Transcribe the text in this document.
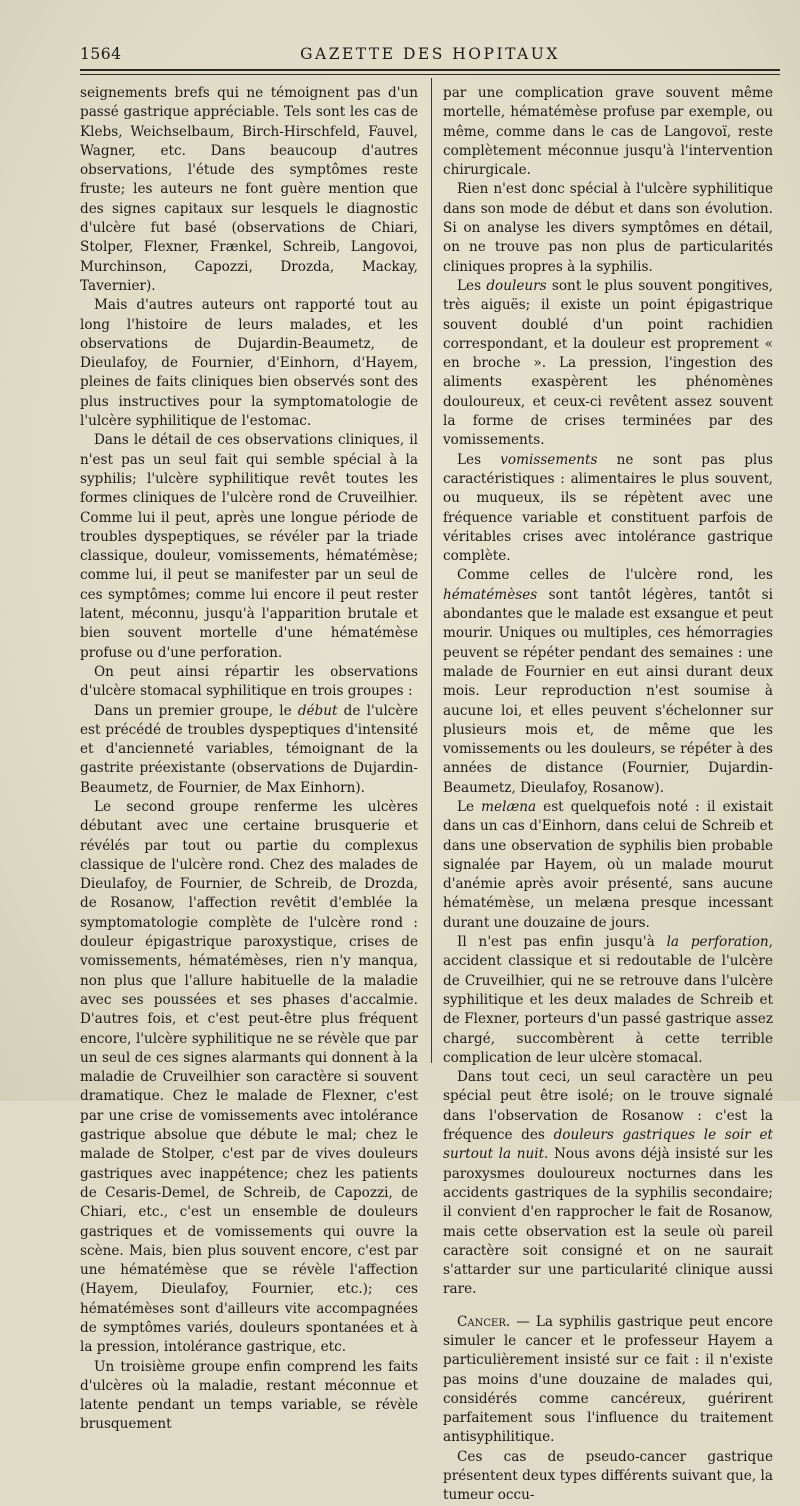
1564	GAZETTE DES HOPITAUX

seignements brefs qui ne témoignent pas d'un passé gastrique appréciable. Tels sont les cas de Klebs, Weichselbaum, Birch-Hirschfeld, Fauvel, Wagner, etc. Dans beaucoup d'autres observations, l'étude des symptômes reste fruste; les auteurs ne font guère mention que des signes capitaux sur lesquels le diagnostic d'ulcère fut basé (observations de Chiari, Stolper, Flexner, Frænkel, Schreib, Langovoi, Murchinson, Capozzi, Drozda, Mackay, Tavernier).

Mais d'autres auteurs ont rapporté tout au long l'histoire de leurs malades, et les observations de Dujardin-Beaumetz, de Dieulafoy, de Fournier, d'Einhorn, d'Hayem, pleines de faits cliniques bien observés sont des plus instructives pour la symptomatologie de l'ulcère syphilitique de l'estomac.

Dans le détail de ces observations cliniques, il n'est pas un seul fait qui semble spécial à la syphilis; l'ulcère syphilitique revêt toutes les formes cliniques de l'ulcère rond de Cruveilhier. Comme lui il peut, après une longue période de troubles dyspeptiques, se révéler par la triade classique, douleur, vomissements, hématémèse; comme lui, il peut se manifester par un seul de ces symptômes; comme lui encore il peut rester latent, méconnu, jusqu'à l'apparition brutale et bien souvent mortelle d'une hématémèse profuse ou d'une perforation.

On peut ainsi répartir les observations d'ulcère stomacal syphilitique en trois groupes :

Dans un premier groupe, le début de l'ulcère est précédé de troubles dyspeptiques d'intensité et d'ancienneté variables, témoignant de la gastrite préexistante (observations de Dujardin-Beaumetz, de Fournier, de Max Einhorn).

Le second groupe renferme les ulcères débutant avec une certaine brusquerie et révélés par tout ou partie du complexus classique de l'ulcère rond. Chez des malades de Dieulafoy, de Fournier, de Schreib, de Drozda, de Rosanow, l'affection revêtit d'emblée la symptomatologie complète de l'ulcère rond : douleur épigastrique paroxystique, crises de vomissements, hématémèses, rien n'y manqua, non plus que l'allure habituelle de la maladie avec ses poussées et ses phases d'accalmie. D'autres fois, et c'est peut-être plus fréquent encore, l'ulcère syphilitique ne se révèle que par un seul de ces signes alarmants qui donnent à la maladie de Cruveilhier son caractère si souvent dramatique. Chez le malade de Flexner, c'est par une crise de vomissements avec intolérance gastrique absolue que débute le mal; chez le malade de Stolper, c'est par de vives douleurs gastriques avec inappétence; chez les patients de Cesaris-Demel, de Schreib, de Capozzi, de Chiari, etc., c'est un ensemble de douleurs gastriques et de vomissements qui ouvre la scène. Mais, bien plus souvent encore, c'est par une hématémèse que se révèle l'affection (Hayem, Dieulafoy, Fournier, etc.); ces hématémèses sont d'ailleurs vite accompagnées de symptômes variés, douleurs spontanées et à la pression, intolérance gastrique, etc.

Un troisième groupe enfin comprend les faits d'ulcères où la maladie, restant méconnue et latente pendant un temps variable, se révèle brusquement

par une complication grave souvent même mortelle, hématémèse profuse par exemple, ou même, comme dans le cas de Langovoï, reste complètement méconnue jusqu'à l'intervention chirurgicale.

Rien n'est donc spécial à l'ulcère syphilitique dans son mode de début et dans son évolution. Si on analyse les divers symptômes en détail, on ne trouve pas non plus de particularités cliniques propres à la syphilis.

Les douleurs sont le plus souvent pongitives, très aiguës; il existe un point épigastrique souvent doublé d'un point rachidien correspondant, et la douleur est proprement « en broche ». La pression, l'ingestion des aliments exaspèrent les phénomènes douloureux, et ceux-ci revêtent assez souvent la forme de crises terminées par des vomissements.

Les vomissements ne sont pas plus caractéristiques : alimentaires le plus souvent, ou muqueux, ils se répètent avec une fréquence variable et constituent parfois de véritables crises avec intolérance gastrique complète.

Comme celles de l'ulcère rond, les hématémèses sont tantôt légères, tantôt si abondantes que le malade est exsangue et peut mourir. Uniques ou multiples, ces hémorragies peuvent se répéter pendant des semaines : une malade de Fournier en eut ainsi durant deux mois. Leur reproduction n'est soumise à aucune loi, et elles peuvent s'échelonner sur plusieurs mois et, de même que les vomissements ou les douleurs, se répéter à des années de distance (Fournier, Dujardin-Beaumetz, Dieulafoy, Rosanow).

Le melæna est quelquefois noté : il existait dans un cas d'Einhorn, dans celui de Schreib et dans une observation de syphilis bien probable signalée par Hayem, où un malade mourut d'anémie après avoir présenté, sans aucune hématémèse, un melæna presque incessant durant une douzaine de jours.

Il n'est pas enfin jusqu'à la perforation, accident classique et si redoutable de l'ulcère de Cruveilhier, qui ne se retrouve dans l'ulcère syphilitique et les deux malades de Schreib et de Flexner, porteurs d'un passé gastrique assez chargé, succombèrent à cette terrible complication de leur ulcère stomacal.

Dans tout ceci, un seul caractère un peu spécial peut être isolé; on le trouve signalé dans l'observation de Rosanow : c'est la fréquence des douleurs gastriques le soir et surtout la nuit. Nous avons déjà insisté sur les paroxysmes douloureux nocturnes dans les accidents gastriques de la syphilis secondaire; il convient d'en rapprocher le fait de Rosanow, mais cette observation est la seule où pareil caractère soit consigné et on ne saurait s'attarder sur une particularité clinique aussi rare.

Cancer. — La syphilis gastrique peut encore simuler le cancer et le professeur Hayem a particulièrement insisté sur ce fait : il n'existe pas moins d'une douzaine de malades qui, considérés comme cancéreux, guérirent parfaitement sous l'influence du traitement antisyphilitique.

Ces cas de pseudo-cancer gastrique présentent deux types différents suivant que, la tumeur occu-
